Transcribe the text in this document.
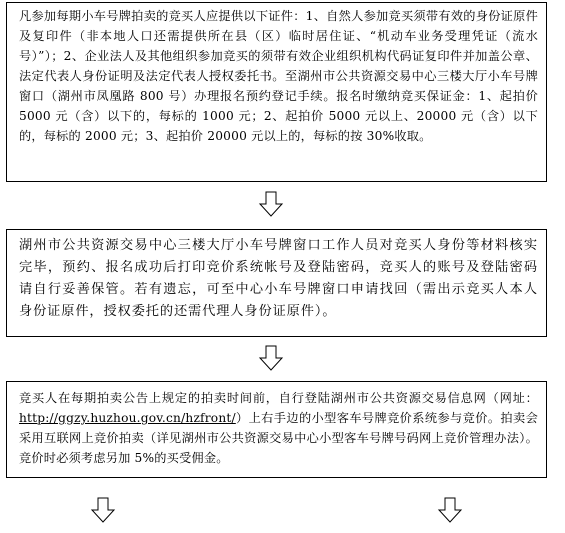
凡参加每期小车号牌拍卖的竞买人应提供以下证件：1、自然人参加竞买须带有效的身份证原件及复印件（非本地人口还需提供所在县（区）临时居住证、“机动车业务受理凭证（流水号）”）；2、企业法人及其他组织参加竞买的须带有效企业组织机构代码证复印件并加盖公章、法定代表人身份证明及法定代表人授权委托书。至湖州市公共资源交易中心三楼大厅小车号牌窗口（湖州市凤凰路 800 号）办理报名预约登记手续。报名时缴纳竞买保证金：1、起拍价 5000 元（含）以下的，每标的 1000 元；2、起拍价 5000 元以上、20000 元（含）以下的，每标的 2000 元；3、起拍价 20000 元以上的，每标的按 30%收取。
湖州市公共资源交易中心三楼大厅小车号牌窗口工作人员对竞买人身份等材料核实完毕，预约、报名成功后打印竞价系统帐号及登陆密码，竞买人的账号及登陆密码请自行妥善保管。若有遗忘，可至中心小车号牌窗口申请找回（需出示竞买人本人身份证原件，授权委托的还需代理人身份证原件）。
竞买人在每期拍卖公告上规定的拍卖时间前，自行登陆湖州市公共资源交易信息网（网址：http://ggzy.huzhou.gov.cn/hzfront/）上右手边的小型客车号牌竞价系统参与竞价。拍卖会采用互联网上竞价拍卖（详见湖州市公共资源交易中心小型客车号牌号码网上竞价管理办法）。竞价时必须考虑另加 5%的买受佣金。
